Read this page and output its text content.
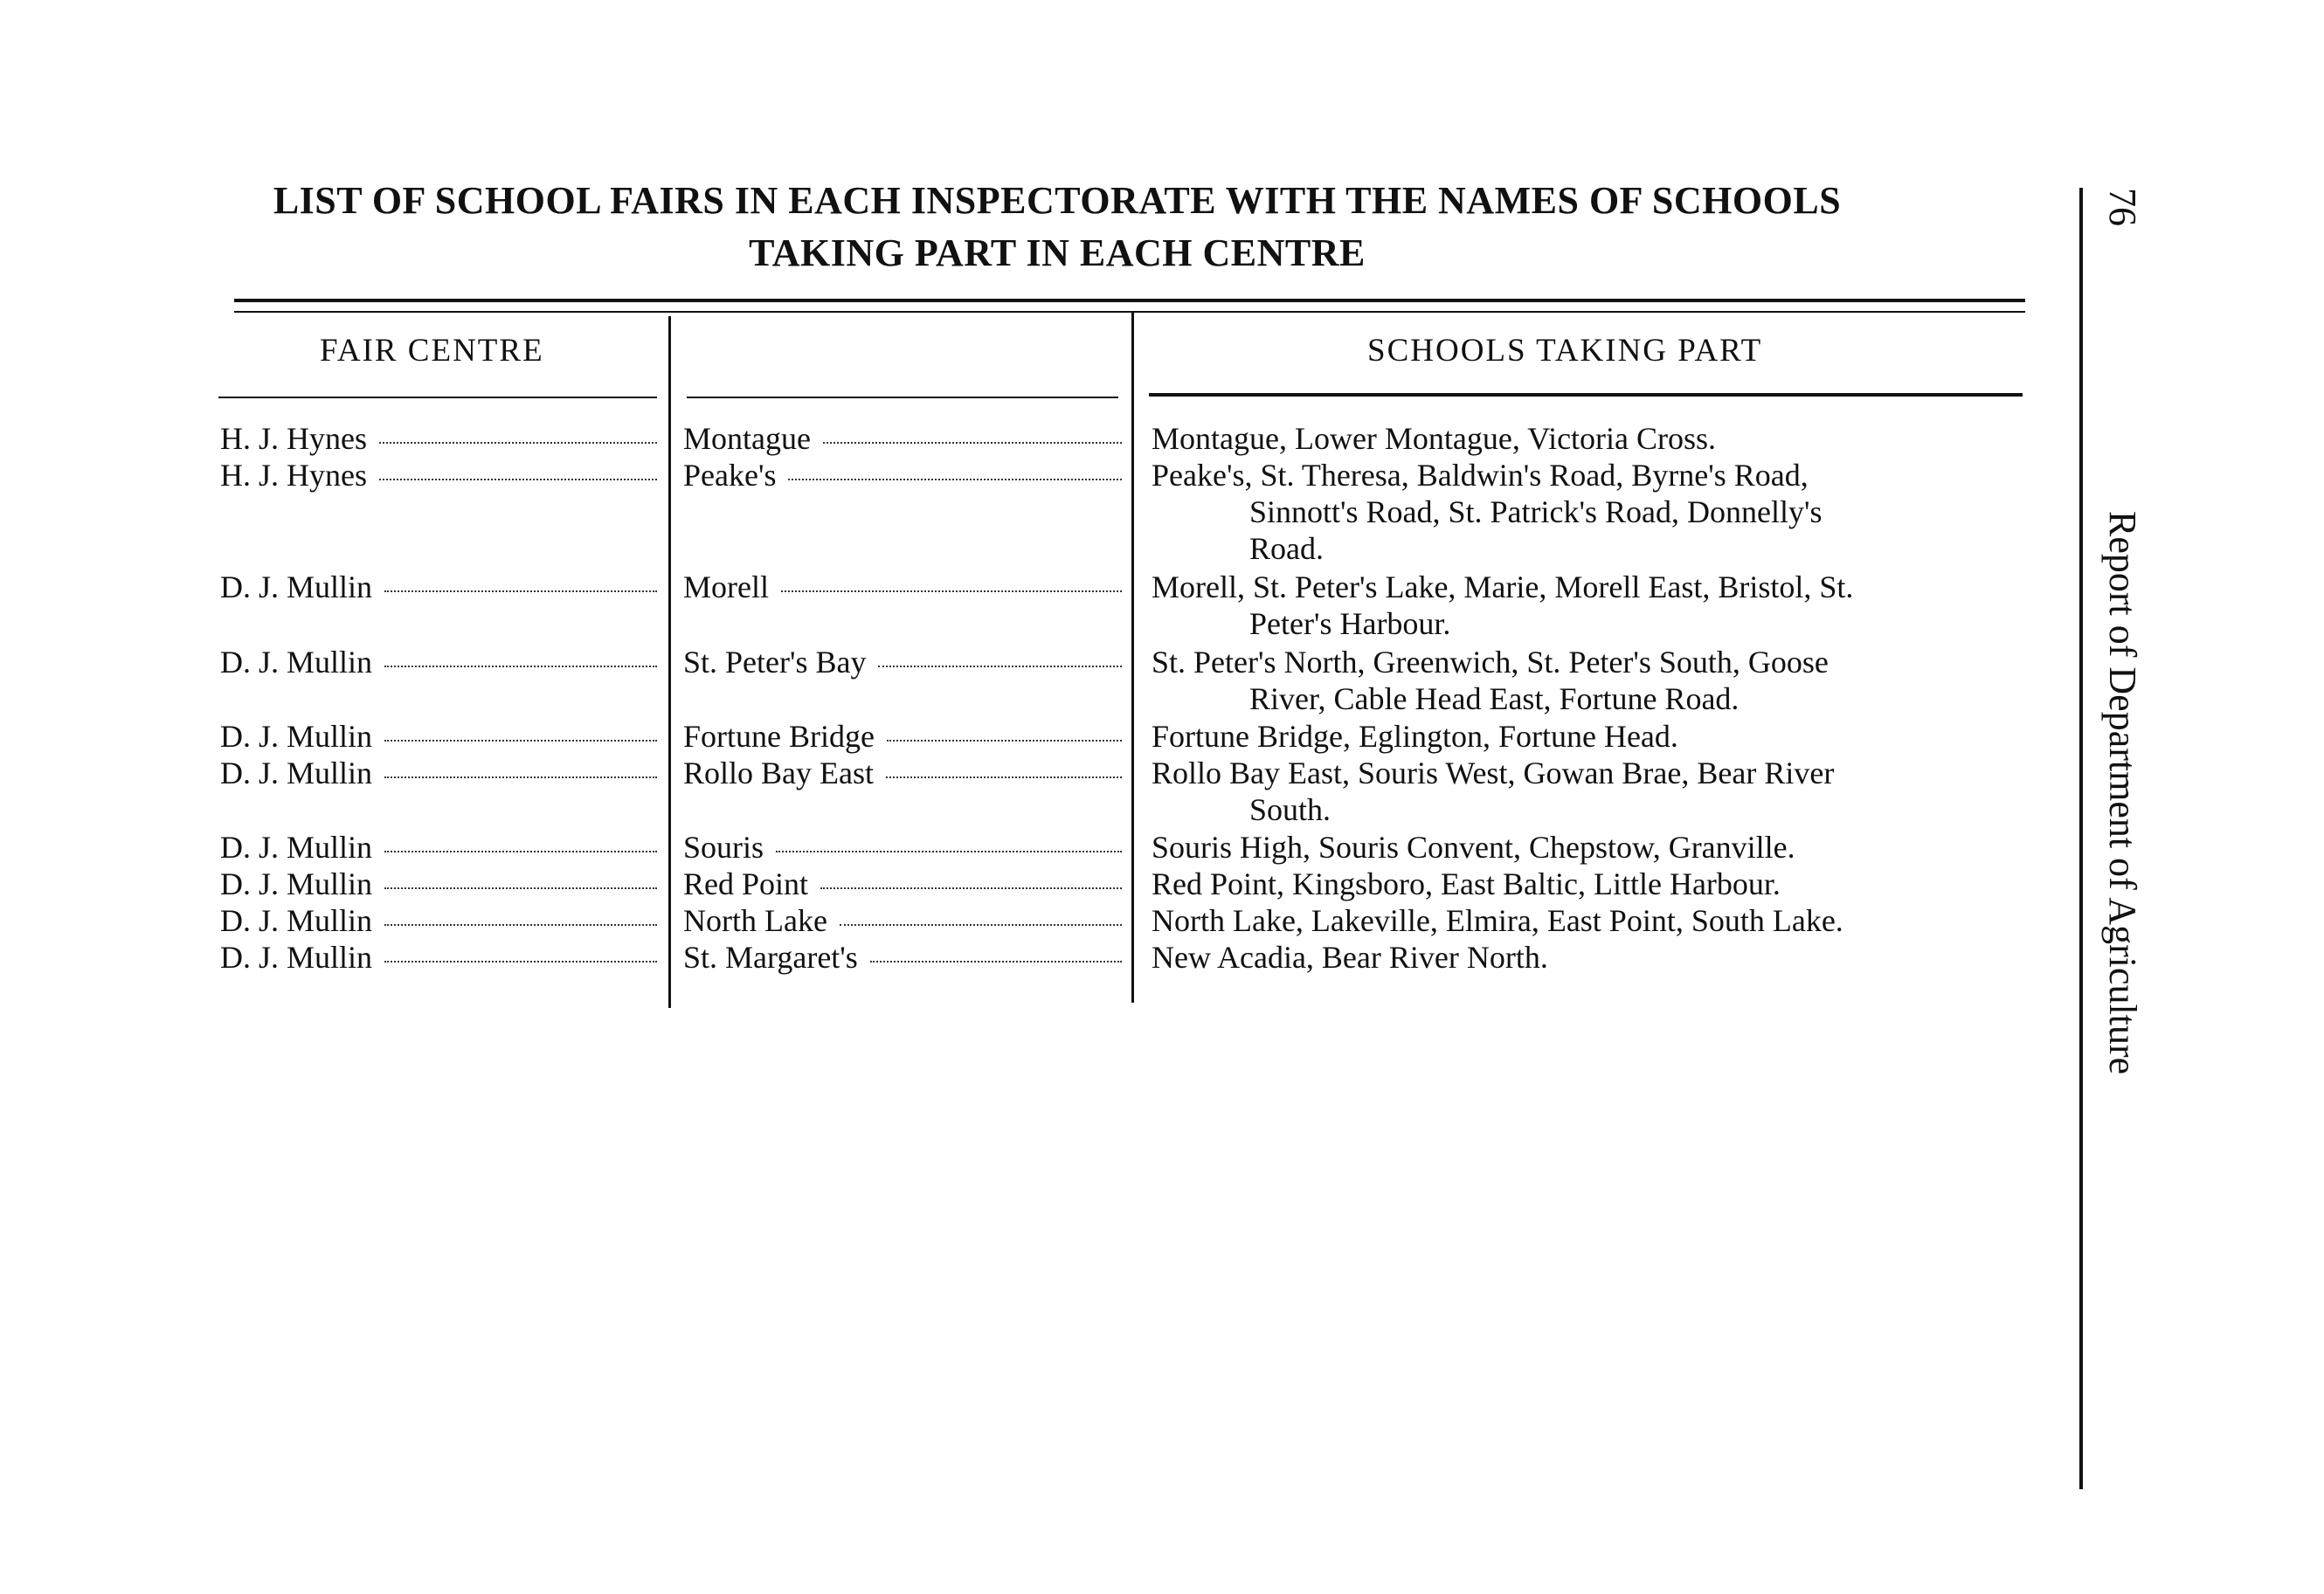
LIST OF SCHOOL FAIRS IN EACH INSPECTORATE WITH THE NAMES OF SCHOOLS
TAKING PART IN EACH CENTRE
FAIR CENTRE	SCHOOLS TAKING PART
H. J. Hynes	Montague	Montague, Lower Montague, Victoria Cross.
H. J. Hynes	Peake's	Peake's, St. Theresa, Baldwin's Road, Byrne's Road,
Sinnott's Road, St. Patrick's Road, Donnelly's
Road.
D. J. Mullin	Morell	Morell, St. Peter's Lake, Marie, Morell East, Bristol, St.
Peter's Harbour.
D. J. Mullin	St. Peter's Bay	St. Peter's North, Greenwich, St. Peter's South, Goose
River, Cable Head East, Fortune Road.
D. J. Mullin	Fortune Bridge	Fortune Bridge, Eglington, Fortune Head.
D. J. Mullin	Rollo Bay East	Rollo Bay East, Souris West, Gowan Brae, Bear River
South.
D. J. Mullin	Souris	Souris High, Souris Convent, Chepstow, Granville.
D. J. Mullin	Red Point	Red Point, Kingsboro, East Baltic, Little Harbour.
D. J. Mullin	North Lake	North Lake, Lakeville, Elmira, East Point, South Lake.
D. J. Mullin	St. Margaret's	New Acadia, Bear River North.
76
Report of Department of Agriculture
